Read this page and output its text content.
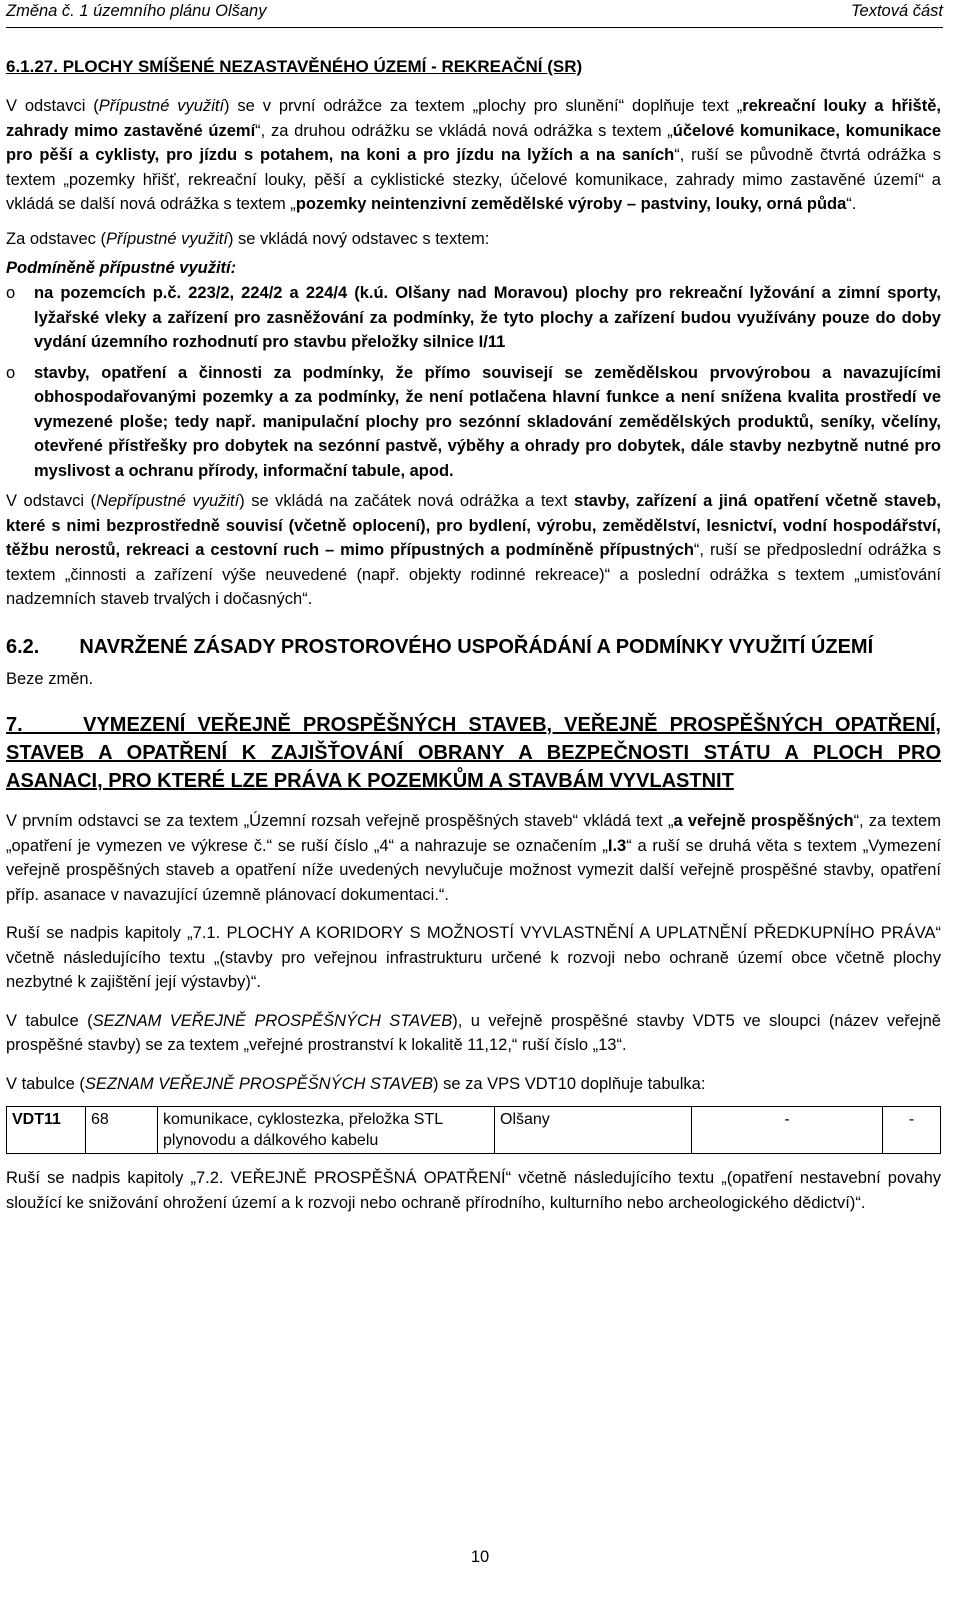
Změna č. 1 územního plánu Olšany	Textová část
6.1.27. PLOCHY SMÍŠENÉ NEZASTAVĚNÉHO ÚZEMÍ - REKREAČNÍ (SR)

V odstavci (Přípustné využití) se v první odrážce za textem „plochy pro slunění“ doplňuje text „rekreační louky a hřiště, zahrady mimo zastavěné území“, za druhou odrážku se vkládá nová odrážka s textem „účelové komunikace, komunikace pro pěší a cyklisty, pro jízdu s potahem, na koni a pro jízdu na lyžích a na saních“, ruší se původně čtvrtá odrážka s textem „pozemky hřišť, rekreační louky, pěší a cyklistické stezky, účelové komunikace, zahrady mimo zastavěné území“ a vkládá se další nová odrážka s textem „pozemky neintenzivní zemědělské výroby – pastviny, louky, orná půda“.

Za odstavec (Přípustné využití) se vkládá nový odstavec s textem:

Podmíněně přípustné využití:
o na pozemcích p.č. 223/2, 224/2 a 224/4 (k.ú. Olšany nad Moravou) plochy pro rekreační lyžování a zimní sporty, lyžařské vleky a zařízení pro zasněžování za podmínky, že tyto plochy a zařízení budou využívány pouze do doby vydání územního rozhodnutí pro stavbu přeložky silnice I/11
o stavby, opatření a činnosti za podmínky, že přímo souvisejí se zemědělskou prvovýrobou a navazujícími obhospodařovanými pozemky a za podmínky, že není potlačena hlavní funkce a není snížena kvalita prostředí ve vymezené ploše; tedy např. manipulační plochy pro sezónní skladování zemědělských produktů, seníky, včelíny, otevřené přístřešky pro dobytek na sezónní pastvě, výběhy a ohrady pro dobytek, dále stavby nezbytně nutné pro myslivost a ochranu přírody, informační tabule, apod.

V odstavci (Nepřípustné využití) se vkládá na začátek nová odrážka a text stavby, zařízení a jiná opatření včetně staveb, které s nimi bezprostředně souvisí (včetně oplocení), pro bydlení, výrobu, zemědělství, lesnictví, vodní hospodářství, těžbu nerostů, rekreaci a cestovní ruch – mimo přípustných a podmíněně přípustných“, ruší se předposlední odrážka s textem „činnosti a zařízení výše neuvedené (např. objekty rodinné rekreace)“ a poslední odrážka s textem „umisťování nadzemních staveb trvalých i dočasných“.

6.2. NAVRŽENÉ ZÁSADY PROSTOROVÉHO USPOŘÁDÁNÍ A PODMÍNKY VYUŽITÍ ÚZEMÍ

Beze změn.

7.	VYMEZENÍ VEŘEJNĚ PROSPĚŠNÝCH STAVEB, VEŘEJNĚ PROSPĚŠNÝCH OPATŘENÍ, STAVEB A OPATŘENÍ K ZAJIŠŤOVÁNÍ OBRANY A BEZPEČNOSTI STÁTU A PLOCH PRO ASANACI, PRO KTERÉ LZE PRÁVA K POZEMKŮM A STAVBÁM VYVLASTNIT

V prvním odstavci se za textem „Územní rozsah veřejně prospěšných staveb“ vkládá text „a veřejně prospěšných“, za textem „opatření je vymezen ve výkrese č.“ se ruší číslo „4“ a nahrazuje se označením „I.3“ a ruší se druhá věta s textem „Vymezení veřejně prospěšných staveb a opatření níže uvedených nevylučuje možnost vymezit další veřejně prospěšné stavby, opatření příp. asanace v navazující územně plánovací dokumentaci.“.

Ruší se nadpis kapitoly „7.1. PLOCHY A KORIDORY S MOŽNOSTÍ VYVLASTNĚNÍ A UPLATNĚNÍ PŘEDKUPNÍHO PRÁVA“ včetně následujícího textu „(stavby pro veřejnou infrastrukturu určené k rozvoji nebo ochraně území obce včetně plochy nezbytné k zajištění její výstavby)“.

V tabulce (SEZNAM VEŘEJNĚ PROSPĚŠNÝCH STAVEB), u veřejně prospěšné stavby VDT5 ve sloupci (název veřejně prospěšné stavby) se za textem „veřejné prostranství k lokalitě 11,12,“ ruší číslo „13“.

V tabulce (SEZNAM VEŘEJNĚ PROSPĚŠNÝCH STAVEB) se za VPS VDT10 doplňuje tabulka:

VDT11	68	komunikace, cyklostezka, přeložka STL plynovodu a dálkového kabelu	Olšany	-	-

Ruší se nadpis kapitoly „7.2. VEŘEJNĚ PROSPĚŠNÁ OPATŘENÍ“ včetně následujícího textu „(opatření nestavební povahy sloužící ke snižování ohrožení území a k rozvoji nebo ochraně přírodního, kulturního nebo archeologického dědictví)“.

10
